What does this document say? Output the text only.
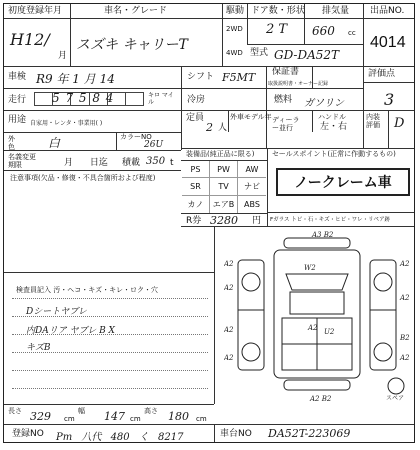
初度登録年月
H12/
月
車名・グレード
スズキ キャリーT
駆動
2WD
4WD
ドア数・形状
2 T
排気量
660 cc
型式 GD-DA52T
出品NO.
4014
車検 R9 年 1 月 14	シフト F5MT 保証書
取扱説明書・オーナー記録
評価点
3
走行 5 7 5 8 4	キロ マイル	冷房	燃料 ガソリン
内装評価	D
用途 自家用・レンタ・事業用( )
定員
2 人
外車モデル年 ディーラー並行
ハンドル
左・右
外色	白	カラーNO
26U
名義変更期限	月 日迄 積載 350 t
注意事項(欠品・修復・不具合箇所および程度)
装備品(純正品に限る)
PS	PW	AW
SR	TV	ナビ
カノ	エアB	ABS
R券 3280 円
セールスポイント(正常に作動するもの)
ノークレーム車
Fガラス トビ・石・キズ・ヒビ・ワレ・リペア跡
検査員記入 汚・ヘコ・キズ・キレ・ロク・穴
Dシートヤブレ
内DAリア ヤブレ B X
キズB
A3 B2
A2
A2
A2
A2
W2
A2 U2
A2
A2
B2
A2
A2 B2	スペア
長さ 329 cm
幅 147 cm
高さ 180 cm
登録NO Pm 八代 480 く 8217	車台NO DA52T-223069
